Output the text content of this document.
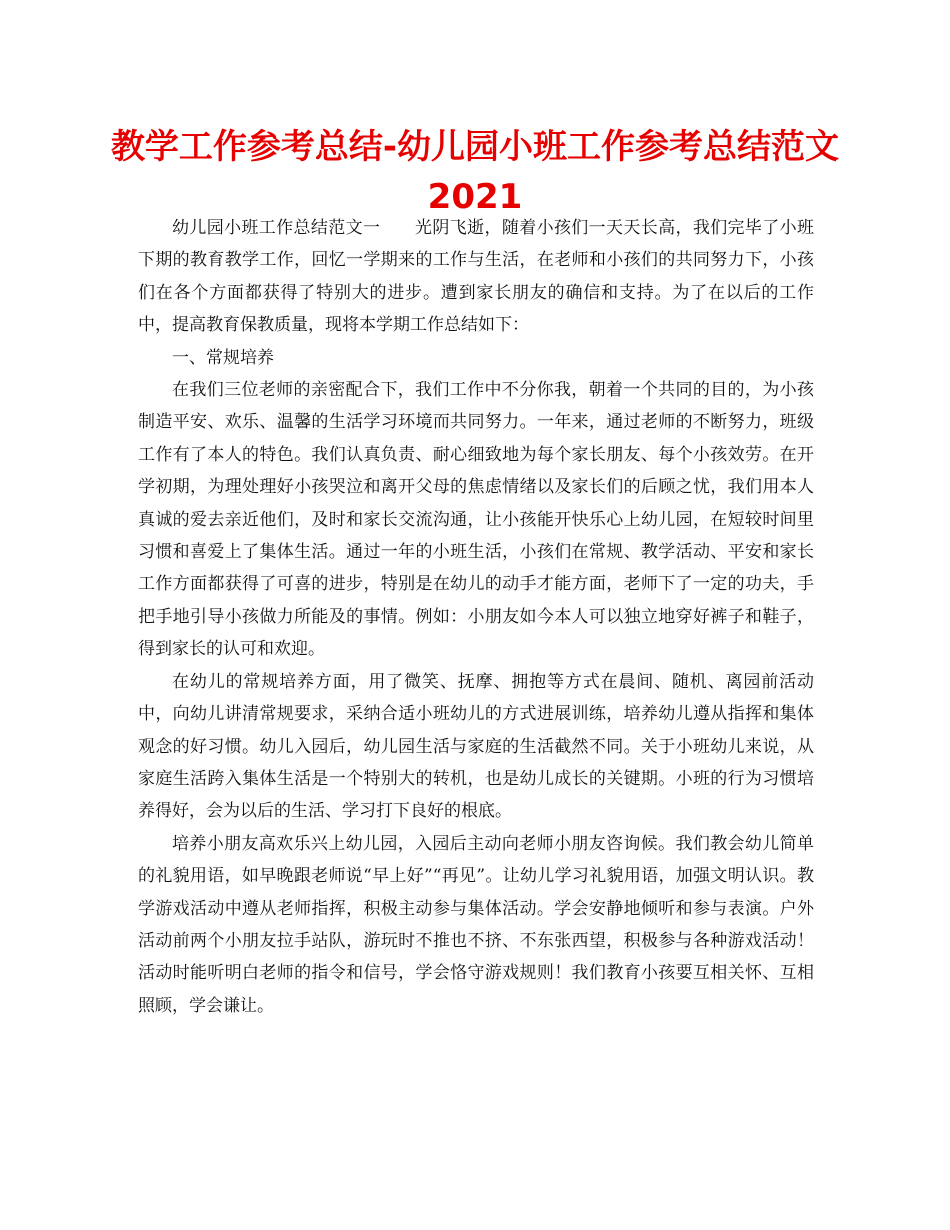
教学工作参考总结-幼儿园小班工作参考总结范文2021

幼儿园小班工作总结范文一　　光阴飞逝，随着小孩们一天天长高，我们完毕了小班下期的教育教学工作，回忆一学期来的工作与生活，在老师和小孩们的共同努力下，小孩们在各个方面都获得了特别大的进步。遭到家长朋友的确信和支持。为了在以后的工作中，提高教育保教质量，现将本学期工作总结如下：

一、常规培养

在我们三位老师的亲密配合下，我们工作中不分你我，朝着一个共同的目的，为小孩制造平安、欢乐、温馨的生活学习环境而共同努力。一年来，通过老师的不断努力，班级工作有了本人的特色。我们认真负责、耐心细致地为每个家长朋友、每个小孩效劳。在开学初期，为理处理好小孩哭泣和离开父母的焦虑情绪以及家长们的后顾之忧，我们用本人真诚的爱去亲近他们，及时和家长交流沟通，让小孩能开快乐心上幼儿园，在短较时间里习惯和喜爱上了集体生活。通过一年的小班生活，小孩们在常规、教学活动、平安和家长工作方面都获得了可喜的进步，特别是在幼儿的动手才能方面，老师下了一定的功夫，手把手地引导小孩做力所能及的事情。例如：小朋友如今本人可以独立地穿好裤子和鞋子，得到家长的认可和欢迎。

在幼儿的常规培养方面，用了微笑、抚摩、拥抱等方式在晨间、随机、离园前活动中，向幼儿讲清常规要求，采纳合适小班幼儿的方式进展训练，培养幼儿遵从指挥和集体观念的好习惯。幼儿入园后，幼儿园生活与家庭的生活截然不同。关于小班幼儿来说，从家庭生活跨入集体生活是一个特别大的转机，也是幼儿成长的关键期。小班的行为习惯培养得好，会为以后的生活、学习打下良好的根底。

培养小朋友高欢乐兴上幼儿园，入园后主动向老师小朋友咨询候。我们教会幼儿简单的礼貌用语，如早晚跟老师说“早上好”“再见”。让幼儿学习礼貌用语，加强文明认识。教学游戏活动中遵从老师指挥，积极主动参与集体活动。学会安静地倾听和参与表演。户外活动前两个小朋友拉手站队，游玩时不推也不挤、不东张西望，积极参与各种游戏活动！活动时能听明白老师的指令和信号，学会恪守游戏规则！我们教育小孩要互相关怀、互相照顾，学会谦让。
